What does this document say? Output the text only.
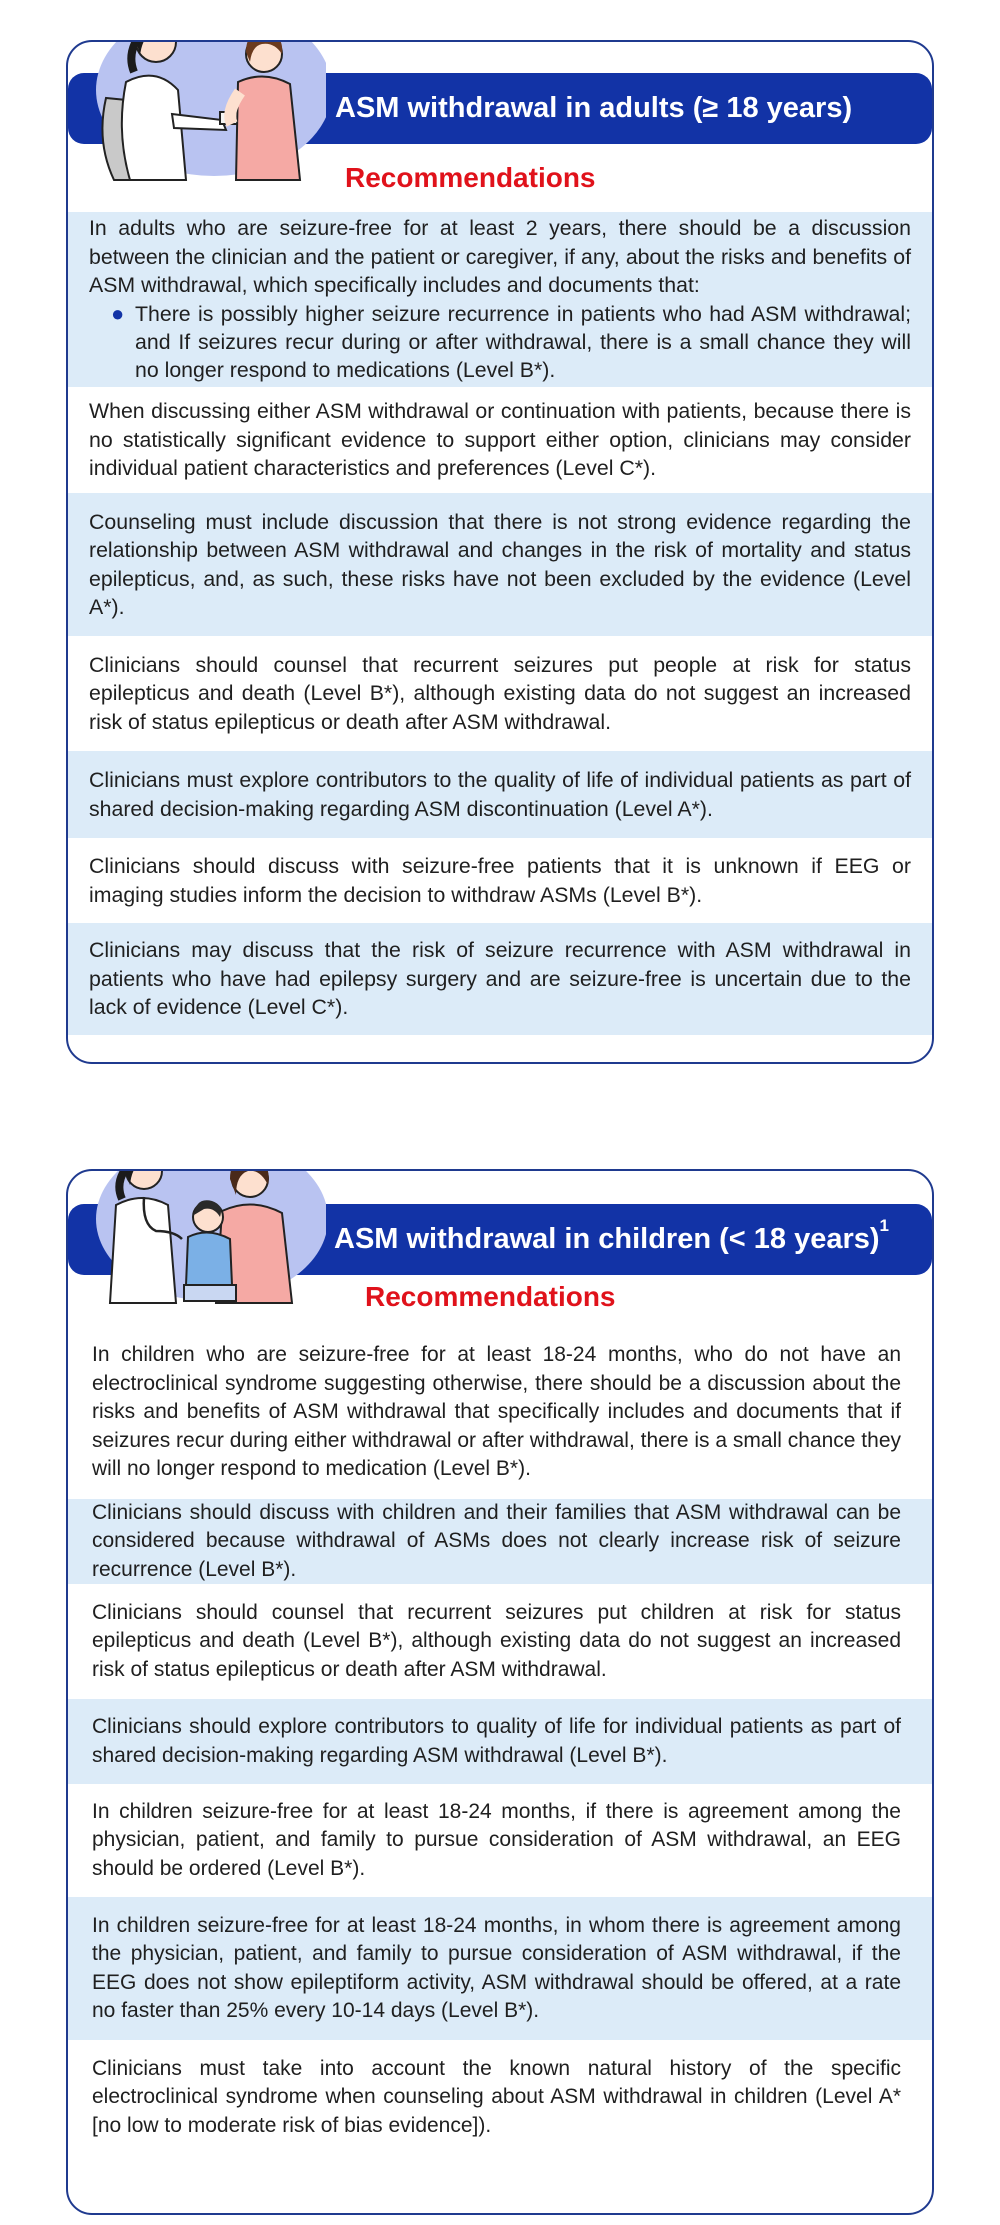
ASM withdrawal in adults (≥ 18 years)
Recommendations
In adults who are seizure-free for at least 2 years, there should be a discussion between the clinician and the patient or caregiver, if any, about the risks and benefits of ASM withdrawal, which specifically includes and documents that:
● There is possibly higher seizure recurrence in patients who had ASM withdrawal; and If seizures recur during or after withdrawal, there is a small chance they will no longer respond to medications (Level B*).
When discussing either ASM withdrawal or continuation with patients, because there is no statistically significant evidence to support either option, clinicians may consider individual patient characteristics and preferences (Level C*).
Counseling must include discussion that there is not strong evidence regarding the relationship between ASM withdrawal and changes in the risk of mortality and status epilepticus, and, as such, these risks have not been excluded by the evidence (Level A*).
Clinicians should counsel that recurrent seizures put people at risk for status epilepticus and death (Level B*), although existing data do not suggest an increased risk of status epilepticus or death after ASM withdrawal.
Clinicians must explore contributors to the quality of life of individual patients as part of shared decision-making regarding ASM discontinuation (Level A*).
Clinicians should discuss with seizure-free patients that it is unknown if EEG or imaging studies inform the decision to withdraw ASMs (Level B*).
Clinicians may discuss that the risk of seizure recurrence with ASM withdrawal in patients who have had epilepsy surgery and are seizure-free is uncertain due to the lack of evidence (Level C*).
ASM withdrawal in children (< 18 years)$^1$
Recommendations
In children who are seizure-free for at least 18-24 months, who do not have an electroclinical syndrome suggesting otherwise, there should be a discussion about the risks and benefits of ASM withdrawal that specifically includes and documents that if seizures recur during either withdrawal or after withdrawal, there is a small chance they will no longer respond to medication (Level B*).
Clinicians should discuss with children and their families that ASM withdrawal can be considered because withdrawal of ASMs does not clearly increase risk of seizure recurrence (Level B*).
Clinicians should counsel that recurrent seizures put children at risk for status epilepticus and death (Level B*), although existing data do not suggest an increased risk of status epilepticus or death after ASM withdrawal.
Clinicians should explore contributors to quality of life for individual patients as part of shared decision-making regarding ASM withdrawal (Level B*).
In children seizure-free for at least 18-24 months, if there is agreement among the physician, patient, and family to pursue consideration of ASM withdrawal, an EEG should be ordered (Level B*).
In children seizure-free for at least 18-24 months, in whom there is agreement among the physician, patient, and family to pursue consideration of ASM withdrawal, if the EEG does not show epileptiform activity, ASM withdrawal should be offered, at a rate no faster than 25% every 10-14 days (Level B*).
Clinicians must take into account the known natural history of the specific electroclinical syndrome when counseling about ASM withdrawal in children (Level A* [no low to moderate risk of bias evidence]).
